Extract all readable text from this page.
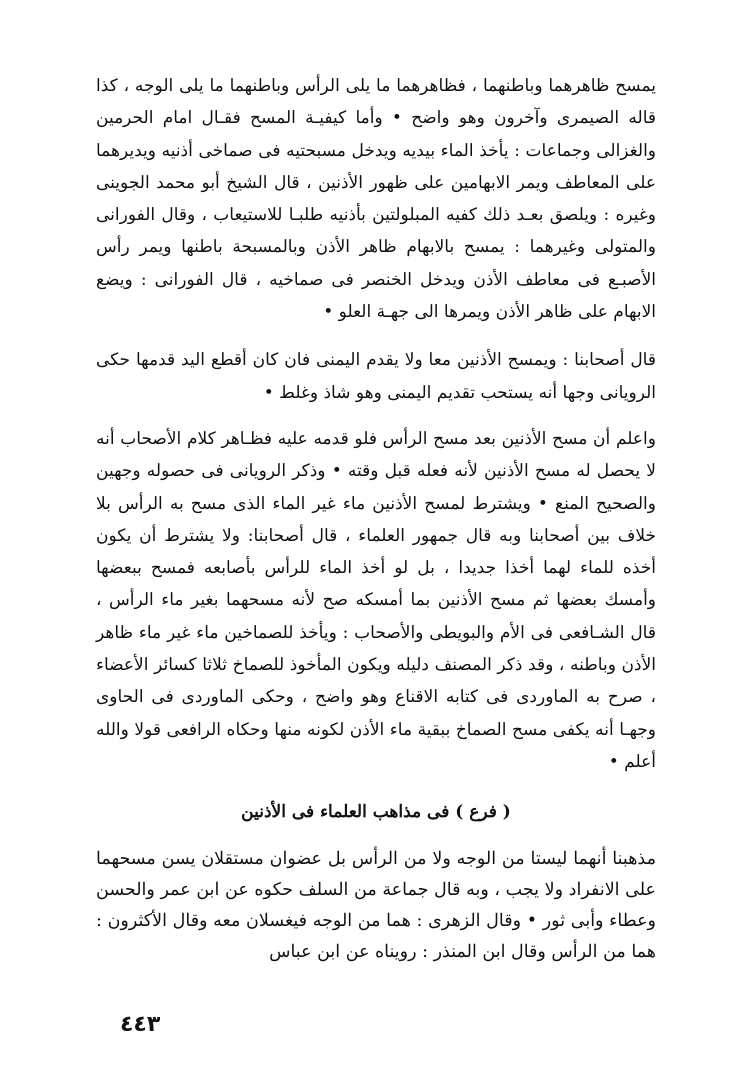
يمسح ظاهرهما وباطنهما ، فظاهرهما ما يلى الرأس وباطنهما ما يلى الوجه ، كذا قاله الصيمرى وآخرون وهو واضح • وأما كيفيـة المسح فقـال امام الحرمين والغزالى وجماعات : يأخذ الماء بيديه ويدخل مسبحتيه فى صماخى أذنيه ويديرهما على المعاطف ويمر الابهامين على ظهور الأذنين ، قال الشيخ أبو محمد الجوينى وغيره : ويلصق بعـد ذلك كفيه المبلولتين بأذنيه طلبـا للاستيعاب ، وقال الفورانى والمتولى وغيرهما : يمسح بالابهام ظاهر الأذن وبالمسبحة باطنها ويمر رأس الأصبـع فى معاطف الأذن ويدخل الخنصر فى صماخيه ، قال الفورانى : ويضع الابهام على ظاهر الأذن ويمرها الى جهـة العلو •

قال أصحابنا : ويمسح الأذنين معا ولا يقدم اليمنى فان كان أقطع اليد قدمها حكى الرويانى وجها أنه يستحب تقديم اليمنى وهو شاذ وغلط •

واعلم أن مسح الأذنين بعد مسح الرأس فلو قدمه عليه فظـاهر كلام الأصحاب أنه لا يحصل له مسح الأذنين لأنه فعله قبل وقته • وذكر الرويانى فى حصوله وجهين والصحيح المنع • ويشترط لمسح الأذنين ماء غير الماء الذى مسح به الرأس بلا خلاف بين أصحابنا وبه قال جمهور العلماء ، قال أصحابنا: ولا يشترط أن يكون أخذه للماء لهما أخذا جديدا ، بل لو أخذ الماء للرأس بأصابعه فمسح ببعضها وأمسك بعضها ثم مسح الأذنين بما أمسكه صح لأنه مسحهما بغير ماء الرأس ، قال الشـافعى فى الأم والبويطى والأصحاب : ويأخذ للصماخين ماء غير ماء ظاهر الأذن وباطنه ، وقد ذكر المصنف دليله ويكون المأخوذ للصماخ ثلاثا كسائر الأعضاء ، صرح به الماوردى فى كتابه الاقناع وهو واضح ، وحكى الماوردى فى الحاوى وجهـا أنه يكفى مسح الصماخ ببقية ماء الأذن لكونه منها وحكاه الرافعى قولا والله أعلم •

( فرع ) فى مذاهب العلماء فى الأذنين

مذهبنا أنهما ليستا من الوجه ولا من الرأس بل عضوان مستقلان يسن مسحهما على الانفراد ولا يجب ، وبه قال جماعة من السلف حكوه عن ابن عمر والحسن وعطاء وأبى ثور • وقال الزهرى : هما من الوجه فيغسلان معه وقال الأكثرون : هما من الرأس وقال ابن المنذر : رويناه عن ابن عباس

٤٤٣
